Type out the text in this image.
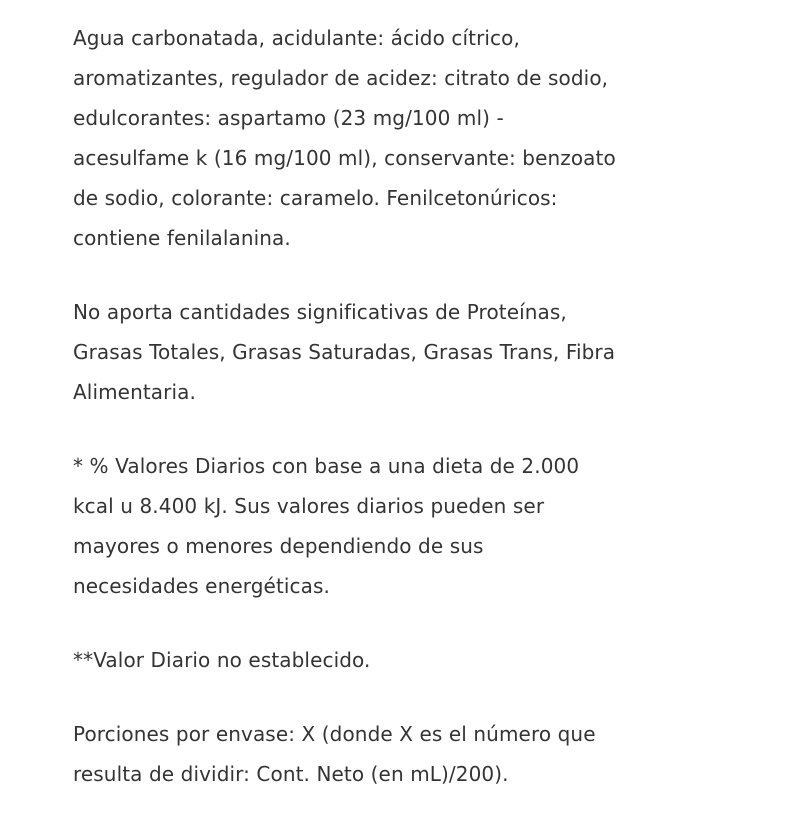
Agua carbonatada, acidulante: ácido cítrico,
aromatizantes, regulador de acidez: citrato de sodio,
edulcorantes: aspartamo (23 mg/100 ml) -
acesulfame k (16 mg/100 ml), conservante: benzoato
de sodio, colorante: caramelo. Fenilcetonúricos:
contiene fenilalanina.

No aporta cantidades significativas de Proteínas,
Grasas Totales, Grasas Saturadas, Grasas Trans, Fibra
Alimentaria.

* % Valores Diarios con base a una dieta de 2.000
kcal u 8.400 kJ. Sus valores diarios pueden ser
mayores o menores dependiendo de sus
necesidades energéticas.

**Valor Diario no establecido.

Porciones por envase: X (donde X es el número que
resulta de dividir: Cont. Neto (en mL)/200).
